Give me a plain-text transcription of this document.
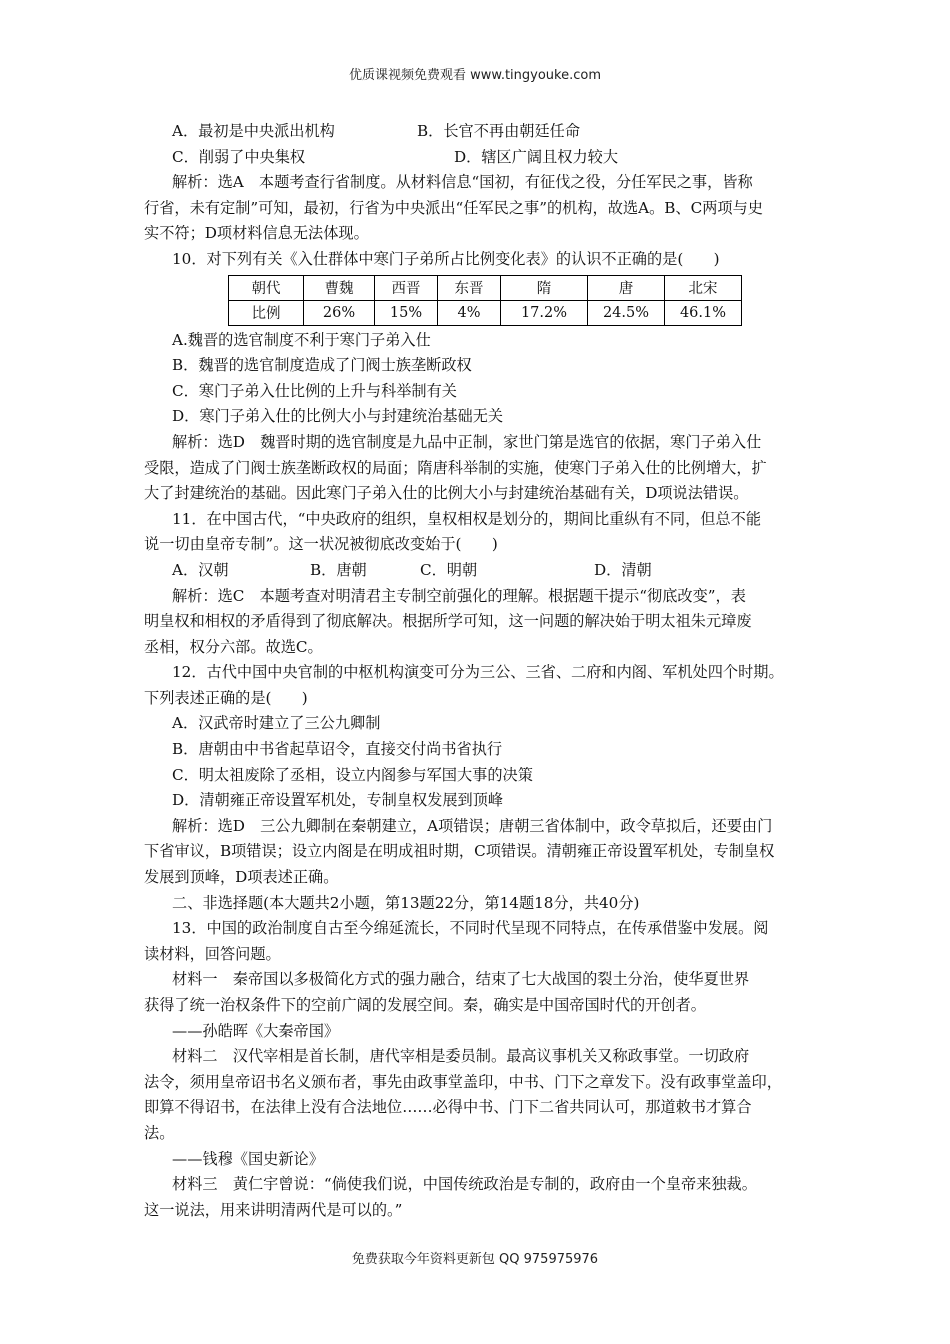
优质课视频免费观看 www.tingyouke.com
A．最初是中央派出机构	B．长官不再由朝廷任命
C．削弱了中央集权	D．辖区广阔且权力较大
解析：选A　本题考查行省制度。从材料信息“国初，有征伐之役，分任军民之事，皆称
行省，未有定制”可知，最初，行省为中央派出“任军民之事”的机构，故选A。B、C两项与史
实不符；D项材料信息无法体现。
10．对下列有关《入仕群体中寒门子弟所占比例变化表》的认识不正确的是(　　)
朝代	曹魏	西晋	东晋	隋	唐	北宋
比例	26%	15%	4%	17.2%	24.5%	46.1%
A.魏晋的选官制度不利于寒门子弟入仕
B．魏晋的选官制度造成了门阀士族垄断政权
C．寒门子弟入仕比例的上升与科举制有关
D．寒门子弟入仕的比例大小与封建统治基础无关
解析：选D　魏晋时期的选官制度是九品中正制，家世门第是选官的依据，寒门子弟入仕
受限，造成了门阀士族垄断政权的局面；隋唐科举制的实施，使寒门子弟入仕的比例增大，扩
大了封建统治的基础。因此寒门子弟入仕的比例大小与封建统治基础有关，D项说法错误。
11．在中国古代，“中央政府的组织，皇权相权是划分的，期间比重纵有不同，但总不能
说一切由皇帝专制”。这一状况被彻底改变始于(　　)
A．汉朝	B．唐朝	C．明朝	D．清朝
解析：选C　本题考查对明清君主专制空前强化的理解。根据题干提示“彻底改变”，表
明皇权和相权的矛盾得到了彻底解决。根据所学可知，这一问题的解决始于明太祖朱元璋废
丞相，权分六部。故选C。
12．古代中国中央官制的中枢机构演变可分为三公、三省、二府和内阁、军机处四个时期。
下列表述正确的是(　　)
A．汉武帝时建立了三公九卿制
B．唐朝由中书省起草诏令，直接交付尚书省执行
C．明太祖废除了丞相，设立内阁参与军国大事的决策
D．清朝雍正帝设置军机处，专制皇权发展到顶峰
解析：选D　三公九卿制在秦朝建立，A项错误；唐朝三省体制中，政令草拟后，还要由门
下省审议，B项错误；设立内阁是在明成祖时期，C项错误。清朝雍正帝设置军机处，专制皇权
发展到顶峰，D项表述正确。
二、非选择题(本大题共2小题，第13题22分，第14题18分，共40分)
13．中国的政治制度自古至今绵延流长，不同时代呈现不同特点，在传承借鉴中发展。阅
读材料，回答问题。
材料一　秦帝国以多极简化方式的强力融合，结束了七大战国的裂土分治，使华夏世界
获得了统一治权条件下的空前广阔的发展空间。秦，确实是中国帝国时代的开创者。
——孙皓晖《大秦帝国》
材料二　汉代宰相是首长制，唐代宰相是委员制。最高议事机关又称政事堂。一切政府
法令，须用皇帝诏书名义颁布者，事先由政事堂盖印，中书、门下之章发下。没有政事堂盖印，
即算不得诏书，在法律上没有合法地位……必得中书、门下二省共同认可，那道敕书才算合
法。
——钱穆《国史新论》
材料三　黄仁宇曾说：“倘使我们说，中国传统政治是专制的，政府由一个皇帝来独裁。
这一说法，用来讲明清两代是可以的。”
免费获取今年资料更新包 QQ 975975976
